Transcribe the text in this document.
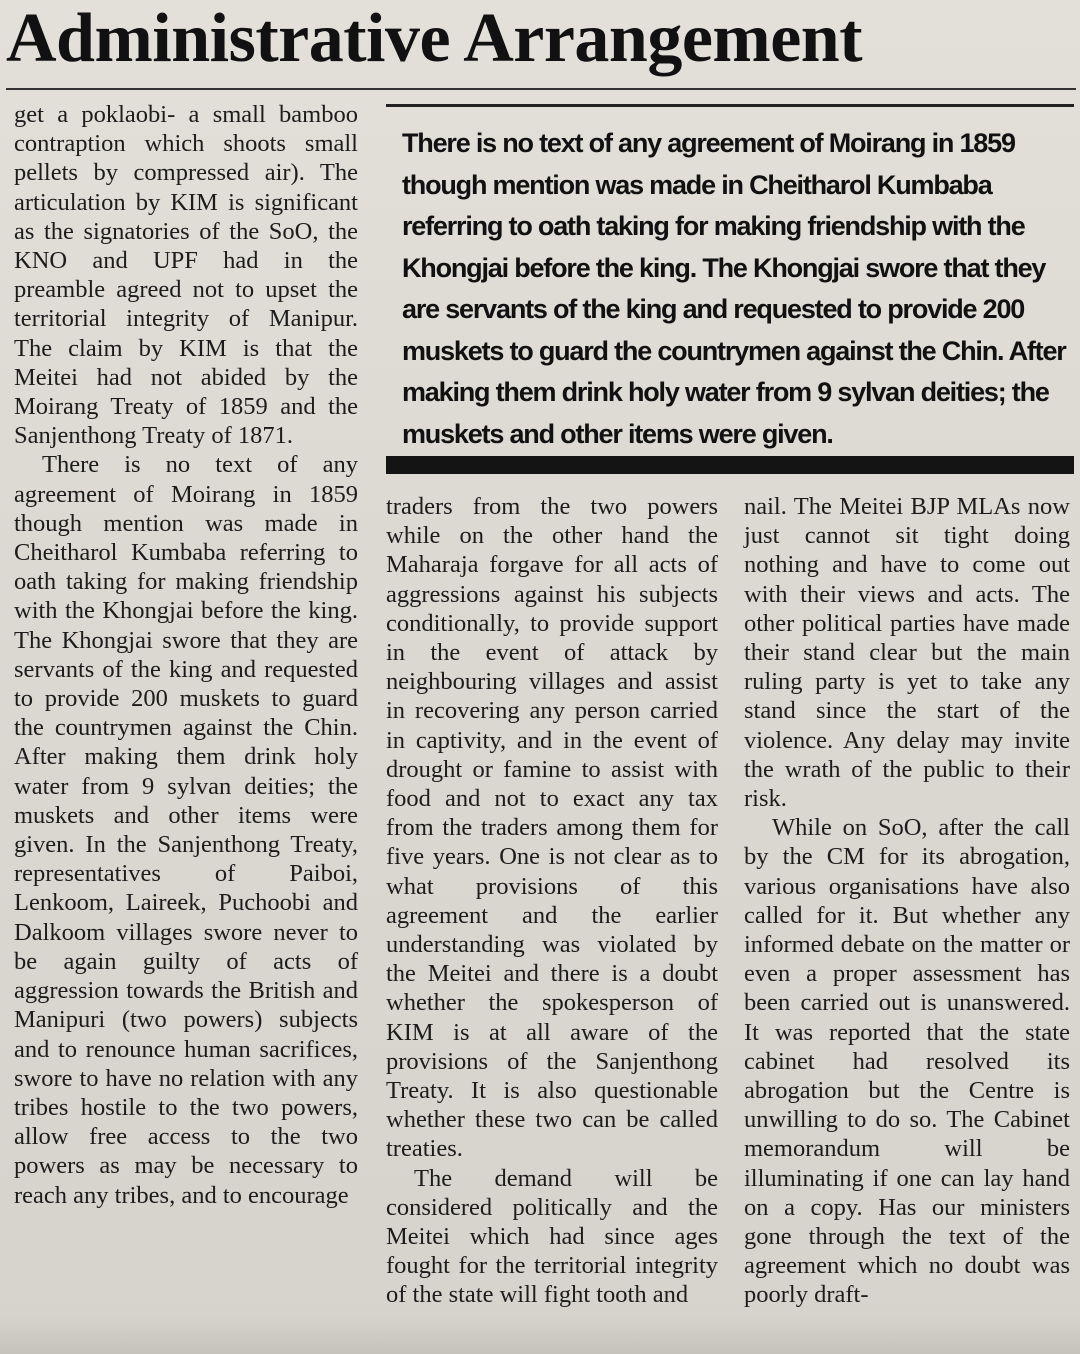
Administrative Arrangement

get a poklaobi- a small bamboo contraption which shoots small pellets by compressed air). The articulation by KIM is significant as the signatories of the SoO, the KNO and UPF had in the preamble agreed not to upset the territorial integrity of Manipur. The claim by KIM is that the Meitei had not abided by the Moirang Treaty of 1859 and the Sanjenthong Treaty of 1871.

There is no text of any agreement of Moirang in 1859 though mention was made in Cheitharol Kumbaba referring to oath taking for making friendship with the Khongjai before the king. The Khongjai swore that they are servants of the king and requested to provide 200 muskets to guard the countrymen against the Chin. After making them drink holy water from 9 sylvan deities; the muskets and other items were given. In the Sanjenthong Treaty, representatives of Paiboi, Lenkoom, Laireek, Puchoobi and Dalkoom villages swore never to be again guilty of acts of aggression towards the British and Manipuri (two powers) subjects and to renounce human sacrifices, swore to have no relation with any tribes hostile to the two powers, allow free access to the two powers as may be necessary to reach any tribes, and to encourage

There is no text of any agreement of Moirang in 1859 though mention was made in Cheitharol Kumbaba referring to oath taking for making friendship with the Khongjai before the king. The Khongjai swore that they are servants of the king and requested to provide 200 muskets to guard the countrymen against the Chin. After making them drink holy water from 9 sylvan deities; the muskets and other items were given.

traders from the two powers while on the other hand the Maharaja forgave for all acts of aggressions against his subjects conditionally, to provide support in the event of attack by neighbouring villages and assist in recovering any person carried in captivity, and in the event of drought or famine to assist with food and not to exact any tax from the traders among them for five years. One is not clear as to what provisions of this agreement and the earlier understanding was violated by the Meitei and there is a doubt whether the spokesperson of KIM is at all aware of the provisions of the Sanjenthong Treaty. It is also questionable whether these two can be called treaties.

The demand will be considered politically and the Meitei which had since ages fought for the territorial integrity of the state will fight tooth and

nail. The Meitei BJP MLAs now just cannot sit tight doing nothing and have to come out with their views and acts. The other political parties have made their stand clear but the main ruling party is yet to take any stand since the start of the violence. Any delay may invite the wrath of the public to their risk.

While on SoO, after the call by the CM for its abrogation, various organisations have also called for it. But whether any informed debate on the matter or even a proper assessment has been carried out is unanswered. It was reported that the state cabinet had resolved its abrogation but the Centre is unwilling to do so. The Cabinet memorandum will be illuminating if one can lay hand on a copy. Has our ministers gone through the text of the agreement which no doubt was poorly draft-
